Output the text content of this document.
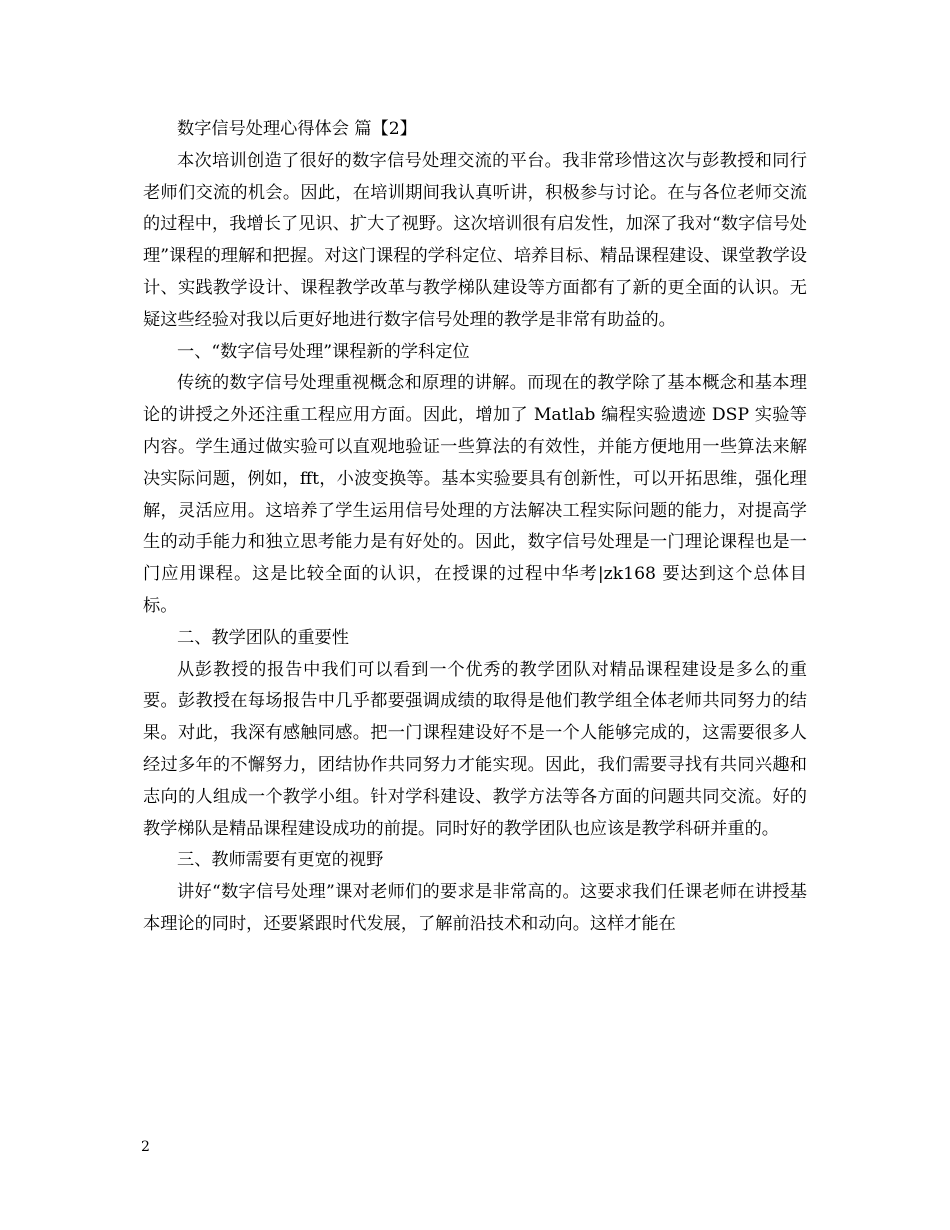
数字信号处理心得体会 篇【2】

本次培训创造了很好的数字信号处理交流的平台。我非常珍惜这次与彭教授和同行老师们交流的机会。因此，在培训期间我认真听讲，积极参与讨论。在与各位老师交流的过程中，我增长了见识、扩大了视野。这次培训很有启发性，加深了我对“数字信号处理”课程的理解和把握。对这门课程的学科定位、培养目标、精品课程建设、课堂教学设计、实践教学设计、课程教学改革与教学梯队建设等方面都有了新的更全面的认识。无疑这些经验对我以后更好地进行数字信号处理的教学是非常有助益的。

一、“数字信号处理”课程新的学科定位

传统的数字信号处理重视概念和原理的讲解。而现在的教学除了基本概念和基本理论的讲授之外还注重工程应用方面。因此，增加了 Matlab 编程实验遗迹 DSP 实验等内容。学生通过做实验可以直观地验证一些算法的有效性，并能方便地用一些算法来解决实际问题，例如，fft，小波变换等。基本实验要具有创新性，可以开拓思维，强化理解，灵活应用。这培养了学生运用信号处理的方法解决工程实际问题的能力，对提高学生的动手能力和独立思考能力是有好处的。因此，数字信号处理是一门理论课程也是一门应用课程。这是比较全面的认识，在授课的过程中华考|zk168 要达到这个总体目标。

二、教学团队的重要性

从彭教授的报告中我们可以看到一个优秀的教学团队对精品课程建设是多么的重要。彭教授在每场报告中几乎都要强调成绩的取得是他们教学组全体老师共同努力的结果。对此，我深有感触同感。把一门课程建设好不是一个人能够完成的，这需要很多人经过多年的不懈努力，团结协作共同努力才能实现。因此，我们需要寻找有共同兴趣和志向的人组成一个教学小组。针对学科建设、教学方法等各方面的问题共同交流。好的教学梯队是精品课程建设成功的前提。同时好的教学团队也应该是教学科研并重的。

三、教师需要有更宽的视野

讲好“数字信号处理”课对老师们的要求是非常高的。这要求我们任课老师在讲授基本理论的同时，还要紧跟时代发展，了解前沿技术和动向。这样才能在

2
